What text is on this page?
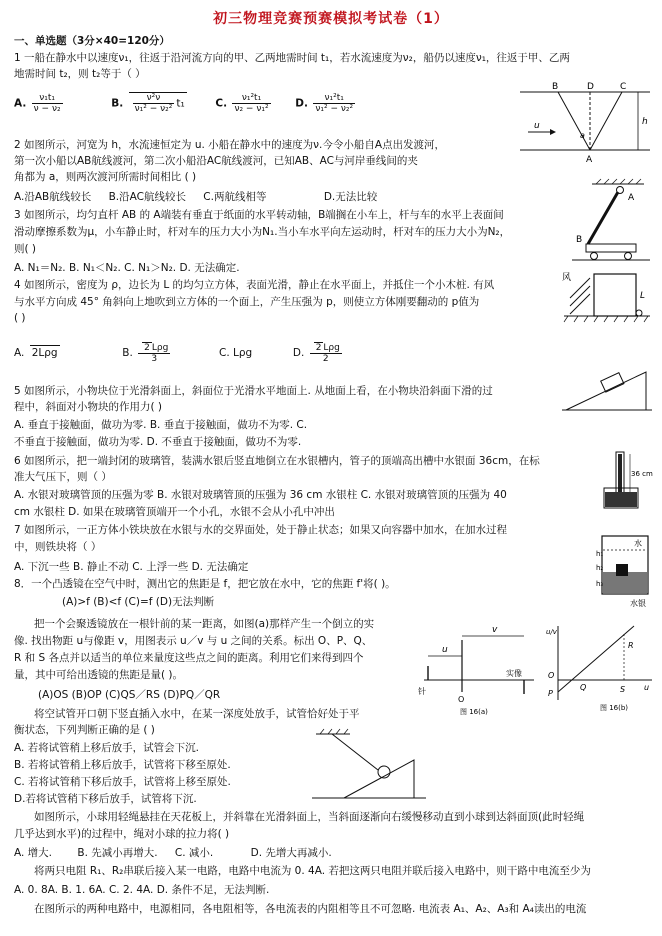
初三物理竞赛预赛模拟考试卷（1）
一、单选题（3分×40=120分）
1 一船在静水中以速度ν₁，往返于沿河流方向的甲、乙两地需时间 t₁，若水流速度为ν₂，船仍以速度ν₁，往返于甲、乙两
地需时间 t₂，则 t₂等于（ ）
A. $\frac{\text{ν₁t₁}}{\text{ν − ν₂}}$	B. $\frac{\text{ν²ν}}{\text{ν₁² − ν₂²}} t_1$	C. $\frac{\text{ν₁²t₁}}{\text{ν₂ − ν₁²}} D$. $\frac{\text{ν₁²t₁}}{\text{ν₁² − ν₂²}}$
2 如图所示，河宽为 h，水流速恒定为 u. 小船在静水中的速度为ν.今令小船自A点出发渡河，
第一次小船以AB航线渡河，第二次小船沿AC航线渡河，已知AB、AC与河岸垂线间的夹
角都为 a，则两次渡河所需时间相比 ( )
A.沿AB航线较长 B.沿AC航线较长 C.两航线相等	D.无法比较
3 如图所示，均匀直杆 AB 的 A端装有垂直于纸面的水平转动轴，B端搁在小车上，杆与车的水平上表面间
滑动摩擦系数为μ，小车静止时，杆对车的压力大小为N₁.当小车水平向左运动时，杆对车的压力大小为N₂，
则( )
A. N₁＝N₂. B. N₁＜N₂. C. N₁＞N₂. D. 无法确定.
4 如图所示，密度为 ρ，边长为 L 的均匀立方体，表面光滑，静止在水平面上，并抵住一个小木桩. 有风
与水平方向成 45° 角斜向上地吹到立方体的一个面上，产生压强为 p，则使立方体刚要翻动的 p值为
( )
A. 2Lρg	B. $\frac{\text{2 Lρg}}{3}$	C. Lρg	D. $\frac{\text{2 Lρg}}{2}$
5 如图所示，小物块位于光滑斜面上，斜面位于光滑水平地面上. 从地面上看，在小物块沿斜面下滑的过
程中，斜面对小物块的作用力( )
A. 垂直于接触面，做功为零. B. 垂直于接触面，做功不为零. C.
不垂直于接触面，做功为零. D. 不垂直于接触面，做功不为零.
6 如图所示，把一端封闭的玻璃管，装满水银后竖直地倒立在水银槽内，管子的顶端高出槽中水银面 36cm，在标
准大气压下，则（ ）
A. 水银对玻璃管顶的压强为零 B. 水银对玻璃管顶的压强为 36 cm 水银柱 C. 水银对玻璃管顶的压强为 40
cm 水银柱 D. 如果在玻璃管顶端开一个小孔，水银不会从小孔中冲出
7 如图所示，一正方体小铁块放在水银与水的交界面处，处于静止状态；如果又向容器中加水，在加水过程
中，则铁块将（ ）
A. 下沉一些 B. 静止不动 C. 上浮一些 D. 无法确定
8．一个凸透镜在空气中时，测出它的焦距是 f，把它放在水中，它的焦距 f'将( )。
(A)>f (B)<f (C)=f (D)无法判断
把一个会聚透镜放在一根针前的某一距离，如图(a)那样产生一个倒立的实
像. 找出物距 u与像距 v，用图表示 u／v 与 u 之间的关系。标出 O、P、Q、
R 和 S 各点并以适当的单位来量度这些点之间的距离。利用它们来得到四个
量，其中可给出透镜的焦距是量( )。
(A)OS (B)OP (C)QS／RS (D)PQ／QR
将空试管开口朝下竖直插入水中，在某一深度处放手，试管恰好处于平
衡状态，下列判断正确的是 ( )
A. 若将试管稍上移后放手，试管会下沉.
B. 若将试管稍上移后放手，试管将下移至原处.
C. 若将试管稍下移后放手，试管将上移至原处.
D.若将试管稍下移后放手，试管将下沉.
如图所示，小球用轻绳悬挂在天花板上，并斜靠在光滑斜面上，当斜面逐渐向右缓慢移动直到小球到达斜面顶(此时轻绳
几乎达到水平)的过程中，绳对小球的拉力将( )
A. 增大. B. 先减小再增大. C. 减小.	D. 先增大再减小.
将两只电阻 R₁、R₂串联后接入某一电路，电路中电流为 0. 4A. 若把这两只电阻并联后接入电路中，则干路中电流至少为
A. 0. 8A. B. 1. 6A. C. 2. 4A. D. 条件不足，无法判断.
在图所示的两种电路中，电源相同，各电阻相等，各电流表的内阻相等且不可忽略. 电流表 A₁、A₂、A₃和 A₄读出的电流
B	D	C
u
A
h
a
A
B
风
L
36 cm
h₁
h₂
h₃
水
水银
u
v
针
O
实像
图 16(a)
u/v
O
P
Q	S
R
u
图 16(b)
